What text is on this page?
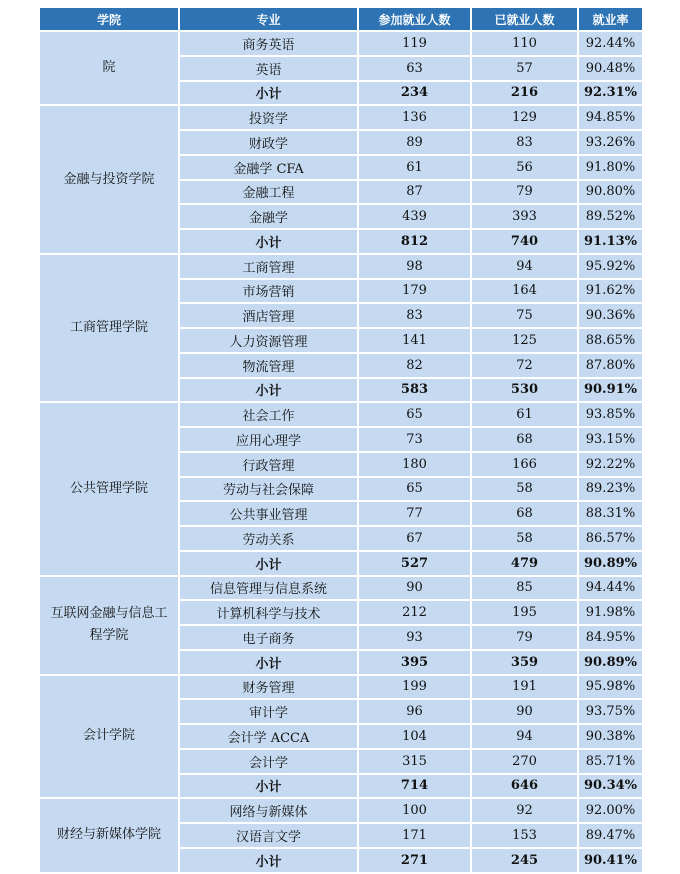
学院	专业	参加就业人数	已就业人数	就业率
院	商务英语	119	110	92.44%
	英语	63	57	90.48%
	小计	234	216	92.31%
金融与投资学院	投资学	136	129	94.85%
	财政学	89	83	93.26%
	金融学 CFA	61	56	91.80%
	金融工程	87	79	90.80%
	金融学	439	393	89.52%
	小计	812	740	91.13%
工商管理学院	工商管理	98	94	95.92%
	市场营销	179	164	91.62%
	酒店管理	83	75	90.36%
	人力资源管理	141	125	88.65%
	物流管理	82	72	87.80%
	小计	583	530	90.91%
公共管理学院	社会工作	65	61	93.85%
	应用心理学	73	68	93.15%
	行政管理	180	166	92.22%
	劳动与社会保障	65	58	89.23%
	公共事业管理	77	68	88.31%
	劳动关系	67	58	86.57%
	小计	527	479	90.89%
互联网金融与信息工程学院	信息管理与信息系统	90	85	94.44%
	计算机科学与技术	212	195	91.98%
	电子商务	93	79	84.95%
	小计	395	359	90.89%
会计学院	财务管理	199	191	95.98%
	审计学	96	90	93.75%
	会计学 ACCA	104	94	90.38%
	会计学	315	270	85.71%
	小计	714	646	90.34%
财经与新媒体学院	网络与新媒体	100	92	92.00%
	汉语言文学	171	153	89.47%
	小计	271	245	90.41%
